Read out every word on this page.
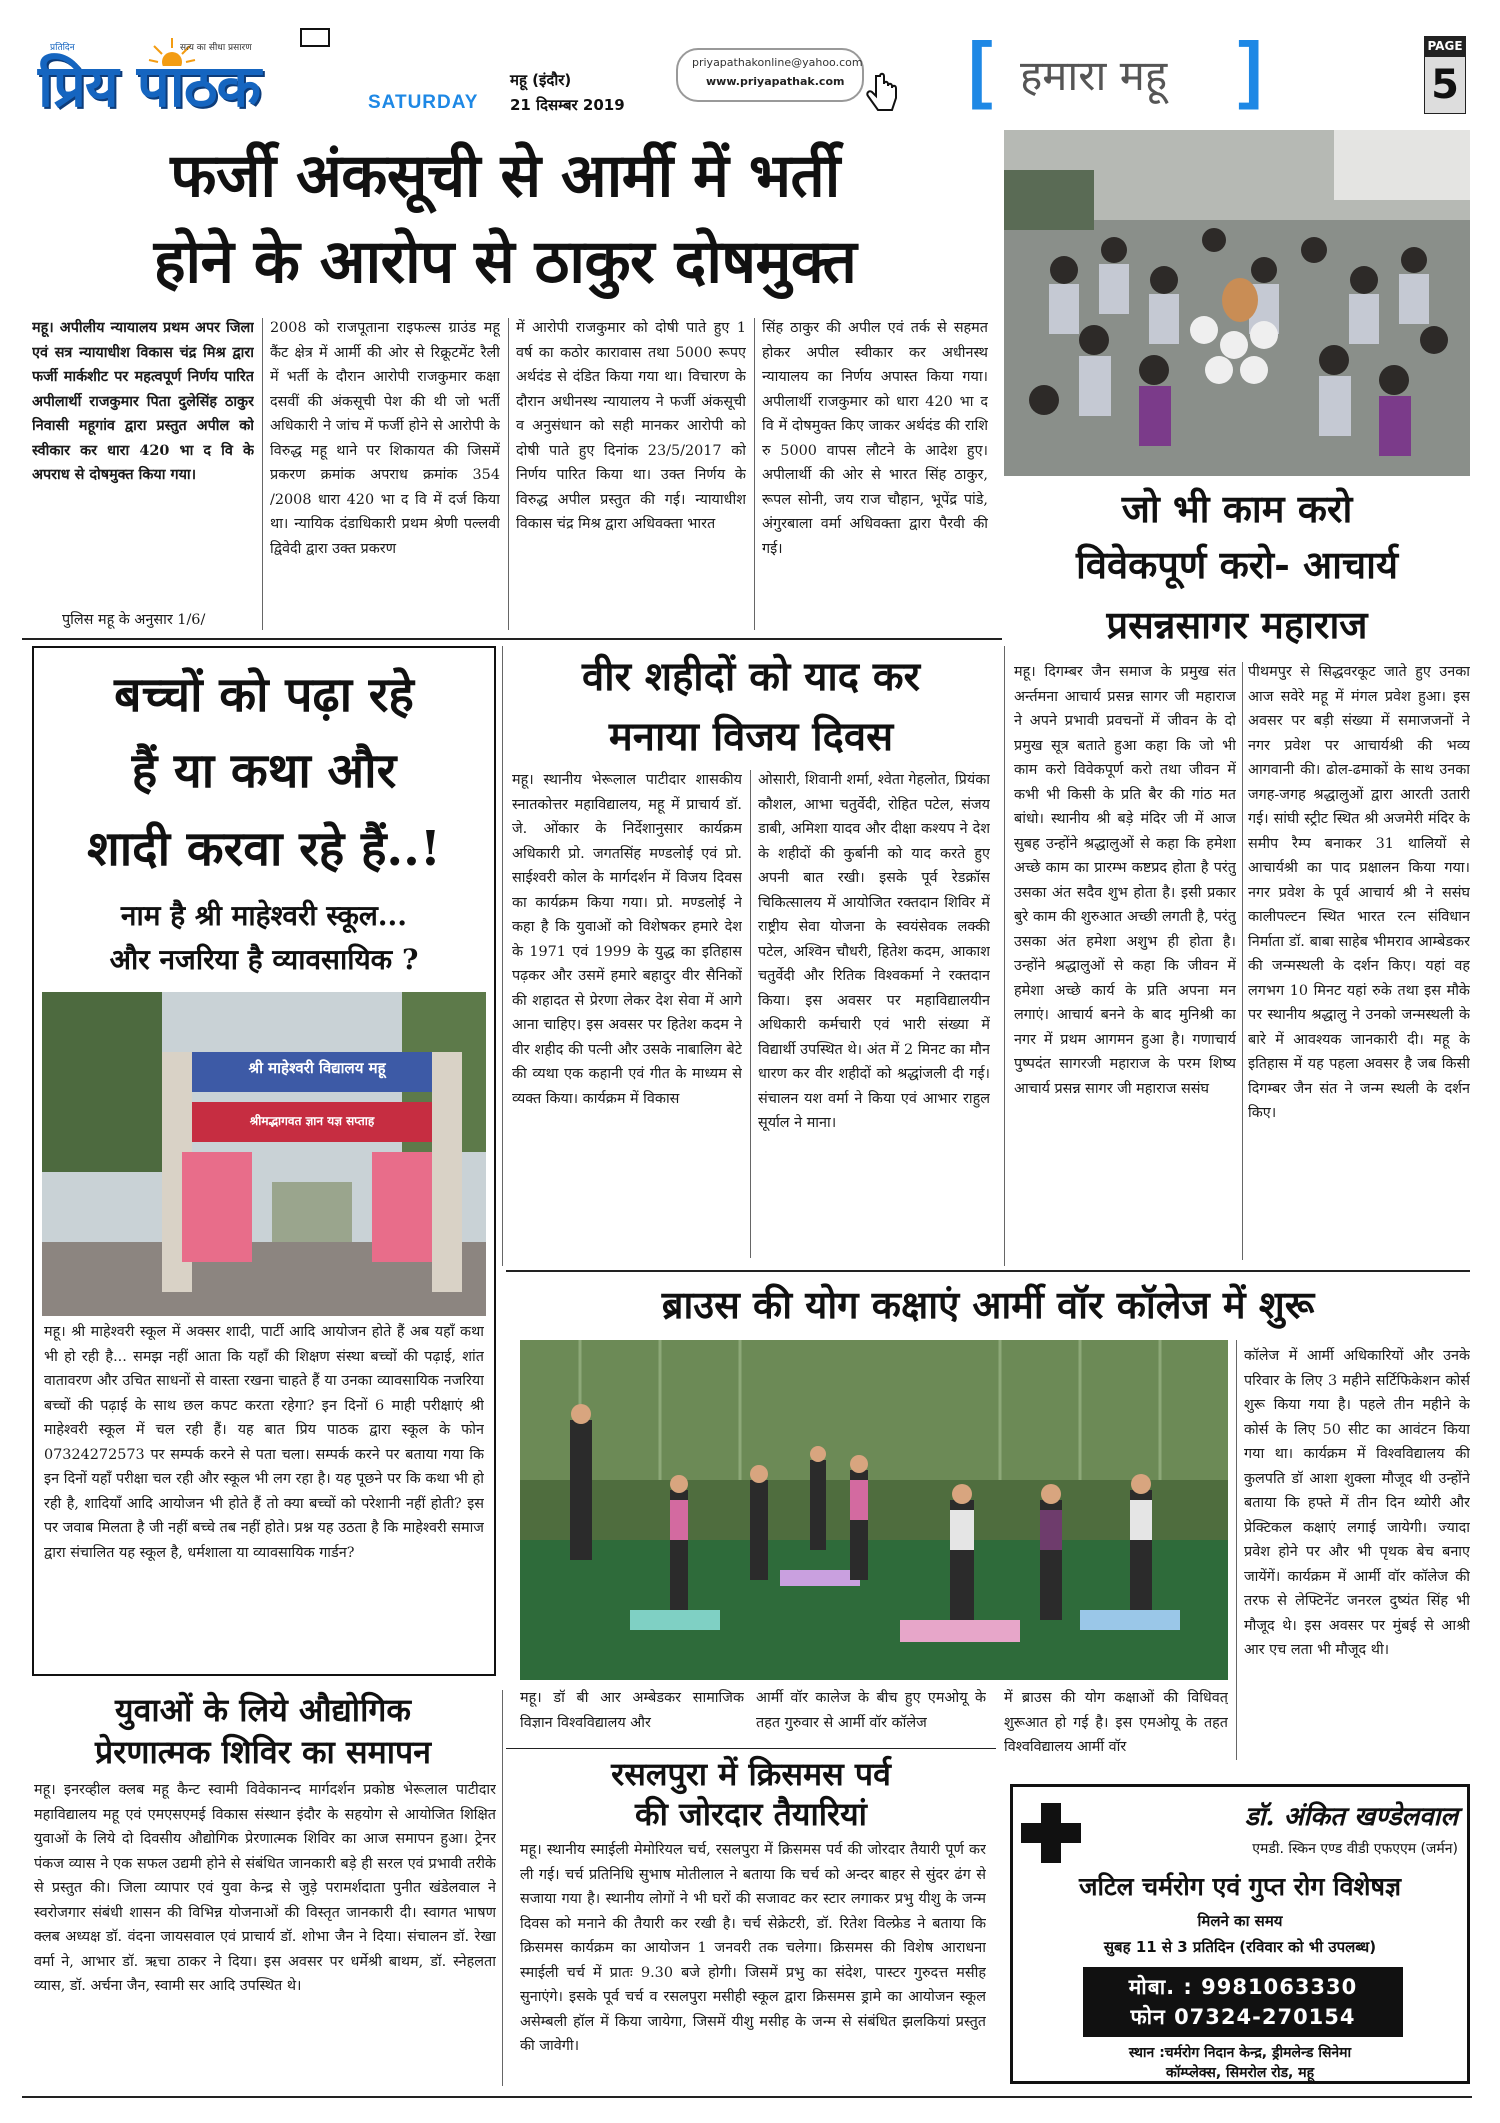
प्रतिदिन	सत्य का सीधा प्रसारण
प्रिय पाठक	SATURDAY
महू (इंदौर)
21 दिसम्बर 2019
priyapathakonline@yahoo.com
www.priyapathak.com [	]
हमारा महू
PAGE
5
फर्जी अंकसूची से आर्मी में भर्ती
होने के आरोप से ठाकुर दोषमुक्त
महू। अपीलीय न्यायालय प्रथम अपर जिला एवं सत्र न्यायाधीश विकास चंद्र मिश्र द्वारा फर्जी मार्कशीट पर महत्वपूर्ण निर्णय पारित अपीलार्थी राजकुमार पिता दुलेसिंह ठाकुर निवासी महूगांव द्वारा प्रस्तुत अपील को स्वीकार कर धारा 420 भा द वि के अपराध से दोषमुक्त किया गया।
पुलिस महू के अनुसार 1/6/
2008 को राजपूताना राइफल्स ग्राउंड महू कैंट क्षेत्र में आर्मी की ओर से रिक्रूटमेंट रैली में भर्ती के दौरान आरोपी राजकुमार कक्षा दसवीं की अंकसूची पेश की थी जो भर्ती अधिकारी ने जांच में फर्जी होने से आरोपी के विरुद्ध महू थाने पर शिकायत की जिसमें प्रकरण क्रमांक अपराध क्रमांक 354 /2008 धारा 420 भा द वि में दर्ज किया था। न्यायिक दंडाधिकारी प्रथम श्रेणी पल्लवी द्विवेदी द्वारा उक्त प्रकरण
में आरोपी राजकुमार को दोषी पाते हुए 1 वर्ष का कठोर कारावास तथा 5000 रूपए अर्थदंड से दंडित किया गया था। विचारण के दौरान अधीनस्थ न्यायालय ने फर्जी अंकसूची व अनुसंधान को सही मानकर आरोपी को दोषी पाते हुए दिनांक 23/5/2017 को निर्णय पारित किया था। उक्त निर्णय के विरुद्ध अपील प्रस्तुत की गई। न्यायाधीश विकास चंद्र मिश्र द्वारा अधिवक्ता भारत
सिंह ठाकुर की अपील एवं तर्क से सहमत होकर अपील स्वीकार कर अधीनस्थ न्यायालय का निर्णय अपास्त किया गया। अपीलार्थी राजकुमार को धारा 420 भा द वि में दोषमुक्त किए जाकर अर्थदंड की राशि रु 5000 वापस लौटने के आदेश हुए। अपीलार्थी की ओर से भारत सिंह ठाकुर, रूपल सोनी, जय राज चौहान, भूपेंद्र पांडे, अंगुरबाला वर्मा अधिवक्ता द्वारा पैरवी की गई।
जो भी काम करो
विवेकपूर्ण करो- आचार्य
प्रसन्नसागर महाराज
बच्चों को पढ़ा रहे
हैं या कथा और
शादी करवा रहे हैं..!
नाम है श्री माहेश्वरी स्कूल...
और नजरिया है व्यावसायिक ?
श्री माहेश्वरी विद्यालय महू
श्रीमद्भागवत ज्ञान यज्ञ सप्ताह
महू। श्री माहेश्वरी स्कूल में अक्सर शादी, पार्टी आदि आयोजन होते हैं अब यहाँ कथा भी हो रही है... समझ नहीं आता कि यहाँ की शिक्षण संस्था बच्चों की पढ़ाई, शांत वातावरण और उचित साधनों से वास्ता रखना चाहते हैं या उनका व्यावसायिक नजरिया बच्चों की पढ़ाई के साथ छल कपट करता रहेगा? इन दिनों 6 माही परीक्षाएं श्री माहेश्वरी स्कूल में चल रही हैं। यह बात प्रिय पाठक द्वारा स्कूल के फोन 07324272573 पर सम्पर्क करने से पता चला। सम्पर्क करने पर बताया गया कि इन दिनों यहाँ परीक्षा चल रही और स्कूल भी लग रहा है। यह पूछने पर कि कथा भी हो रही है, शादियाँ आदि आयोजन भी होते हैं तो क्या बच्चों को परेशानी नहीं होती? इस पर जवाब मिलता है जी नहीं बच्चे तब नहीं होते। प्रश्न यह उठता है कि माहेश्वरी समाज द्वारा संचालित यह स्कूल है, धर्मशाला या व्यावसायिक गार्डन?
वीर शहीदों को याद कर
मनाया विजय दिवस
महू। स्थानीय भेरूलाल पाटीदार शासकीय स्नातकोत्तर महाविद्यालय, महू में प्राचार्य डॉ. जे. ओंकार के निर्देशानुसार कार्यक्रम अधिकारी प्रो. जगतसिंह मण्डलोई एवं प्रो. साईश्वरी कोल के मार्गदर्शन में विजय दिवस का कार्यक्रम किया गया। प्रो. मण्डलोई ने कहा है कि युवाओं को विशेषकर हमारे देश के 1971 एवं 1999 के युद्ध का इतिहास पढ़कर और उसमें हमारे बहादुर वीर सैनिकों की शहादत से प्रेरणा लेकर देश सेवा में आगे आना चाहिए। इस अवसर पर हितेश कदम ने वीर शहीद की पत्नी और उसके नाबालिग बेटे की व्यथा एक कहानी एवं गीत के माध्यम से व्यक्त किया। कार्यक्रम में विकास
ओसारी, शिवानी शर्मा, श्वेता गेहलोत, प्रियंका कौशल, आभा चतुर्वेदी, रोहित पटेल, संजय डाबी, अमिशा यादव और दीक्षा कश्यप ने देश के शहीदों की कुर्बानी को याद करते हुए अपनी बात रखी। इसके पूर्व रेडक्रॉस चिकित्सालय में आयोजित रक्तदान शिविर में राष्ट्रीय सेवा योजना के स्वयंसेवक लक्की पटेल, अश्विन चौधरी, हितेश कदम, आकाश चतुर्वेदी और रितिक विश्वकर्मा ने रक्तदान किया। इस अवसर पर महाविद्यालयीन अधिकारी कर्मचारी एवं भारी संख्या में विद्यार्थी उपस्थित थे। अंत में 2 मिनट का मौन धारण कर वीर शहीदों को श्रद्धांजली दी गई। संचालन यश वर्मा ने किया एवं आभार राहुल सूर्याल ने माना।
महू। दिगम्बर जैन समाज के प्रमुख संत अर्न्तमना आचार्य प्रसन्न सागर जी महाराज ने अपने प्रभावी प्रवचनों में जीवन के दो प्रमुख सूत्र बताते हुआ कहा कि जो भी काम करो विवेकपूर्ण करो तथा जीवन में कभी भी किसी के प्रति बैर की गांठ मत बांधो। स्थानीय श्री बड़े मंदिर जी में आज सुबह उन्होंने श्रद्धालुओं से कहा कि हमेशा अच्छे काम का प्रारम्भ कष्टप्रद होता है परंतु उसका अंत सदैव शुभ होता है। इसी प्रकार बुरे काम की शुरुआत अच्छी लगती है, परंतु उसका अंत हमेशा अशुभ ही होता है। उन्होंने श्रद्धालुओं से कहा कि जीवन में हमेशा अच्छे कार्य के प्रति अपना मन लगाएं। आचार्य बनने के बाद मुनिश्री का नगर में प्रथम आगमन हुआ है। गणाचार्य पुष्पदंत सागरजी महाराज के परम शिष्य आचार्य प्रसन्न सागर जी महाराज ससंघ
पीथमपुर से सिद्धवरकूट जाते हुए उनका आज सवेरे महू में मंगल प्रवेश हुआ। इस अवसर पर बड़ी संख्या में समाजजनों ने नगर प्रवेश पर आचार्यश्री की भव्य आगवानी की। ढोल-ढमाकों के साथ उनका जगह-जगह श्रद्धालुओं द्वारा आरती उतारी गई। सांघी स्ट्रीट स्थित श्री अजमेरी मंदिर के समीप रैम्प बनाकर 31 थालियों से आचार्यश्री का पाद प्रक्षालन किया गया। नगर प्रवेश के पूर्व आचार्य श्री ने ससंघ कालीपल्टन स्थित भारत रत्न संविधान निर्माता डॉ. बाबा साहेब भीमराव आम्बेडकर की जन्मस्थली के दर्शन किए। यहां वह लगभग 10 मिनट यहां रुके तथा इस मौके पर स्थानीय श्रद्धालु ने उनको जन्मस्थली के बारे में आवश्यक जानकारी दी। महू के इतिहास में यह पहला अवसर है जब किसी दिगम्बर जैन संत ने जन्म स्थली के दर्शन किए।
ब्राउस की योग कक्षाएं आर्मी वॉर कॉलेज में शुरू
महू। डॉ बी आर अम्बेडकर सामाजिक विज्ञान विश्वविद्यालय और
आर्मी वॉर कालेज के बीच हुए एमओयू के तहत गुरुवार से आर्मी वॉर कॉलेज
में ब्राउस की योग कक्षाओं की विधिवत् शुरूआत हो गई है। इस एमओयू के तहत विश्वविद्यालय आर्मी वॉर
कॉलेज में आर्मी अधिकारियों और उनके परिवार के लिए 3 महीने सर्टिफिकेशन कोर्स शुरू किया गया है। पहले तीन महीने के कोर्स के लिए 50 सीट का आवंटन किया गया था। कार्यक्रम में विश्वविद्यालय की कुलपति डॉ आशा शुक्ला मौजूद थी उन्होंने बताया कि हफ्ते में तीन दिन थ्योरी और प्रेक्टिकल कक्षाएं लगाई जायेगी। ज्यादा प्रवेश होने पर और भी पृथक बेच बनाए जायेंगें। कार्यक्रम में आर्मी वॉर कॉलेज की तरफ से लेफ्टिनेंट जनरल दुष्यंत सिंह भी मौजूद थे। इस अवसर पर मुंबई से आश्री आर एच लता भी मौजूद थी।
रसलपुरा में क्रिसमस पर्व
की जोरदार तैयारियां
महू। स्थानीय स्माईली मेमोरियल चर्च, रसलपुरा में क्रिसमस पर्व की जोरदार तैयारी पूर्ण कर ली गई। चर्च प्रतिनिधि सुभाष मोतीलाल ने बताया कि चर्च को अन्दर बाहर से सुंदर ढंग से सजाया गया है। स्थानीय लोगों ने भी घरों की सजावट कर स्टार लगाकर प्रभु यीशु के जन्म दिवस को मनाने की तैयारी कर रखी है। चर्च सेक्रेटरी, डॉ. रितेश विल्फ्रेड ने बताया कि क्रिसमस कार्यक्रम का आयोजन 1 जनवरी तक चलेगा। क्रिसमस की विशेष आराधना स्माईली चर्च में प्रातः 9.30 बजे होगी। जिसमें प्रभु का संदेश, पास्टर गुरुदत्त मसीह सुनाएंगे। इसके पूर्व चर्च व रसलपुरा मसीही स्कूल द्वारा क्रिसमस ड्रामे का आयोजन स्कूल असेम्बली हॉल में किया जायेगा, जिसमें यीशु मसीह के जन्म से संबंधित झलकियां प्रस्तुत की जावेगी।
युवाओं के लिये औद्योगिक
प्रेरणात्मक शिविर का समापन
महू। इनरव्हील क्लब महू कैन्ट स्वामी विवेकानन्द मार्गदर्शन प्रकोष्ठ भेरूलाल पाटीदार महाविद्यालय महू एवं एमएसएमई विकास संस्थान इंदौर के सहयोग से आयोजित शिक्षित युवाओं के लिये दो दिवसीय औद्योगिक प्रेरणात्मक शिविर का आज समापन हुआ। ट्रेनर पंकज व्यास ने एक सफल उद्यमी होने से संबंधित जानकारी बड़े ही सरल एवं प्रभावी तरीके से प्रस्तुत की। जिला व्यापार एवं युवा केन्द्र से जुड़े परामर्शदाता पुनीत खंडेलवाल ने स्वरोजगार संबंधी शासन की विभिन्न योजनाओं की विस्तृत जानकारी दी। स्वागत भाषण क्लब अध्यक्ष डॉ. वंदना जायसवाल एवं प्राचार्य डॉ. शोभा जैन ने दिया। संचालन डॉ. रेखा वर्मा ने, आभार डॉ. ऋचा ठाकर ने दिया। इस अवसर पर धर्मेश्री बाथम, डॉ. स्नेहलता व्यास, डॉ. अर्चना जैन, स्वामी सर आदि उपस्थित थे।
डॉ. अंकित खण्डेलवाल
एमडी. स्किन एण्ड वीडी एफएएम (जर्मन)
जटिल चर्मरोग एवं गुप्त रोग विशेषज्ञ
मिलने का समय
सुबह 11 से 3 प्रतिदिन (रविवार को भी उपलब्ध)
मोबा. : 9981063330
फोन 07324-270154
स्थान :चर्मरोग निदान केन्द्र, ड्रीमलेन्ड सिनेमा
कॉम्प्लेक्स, सिमरोल रोड, महू
